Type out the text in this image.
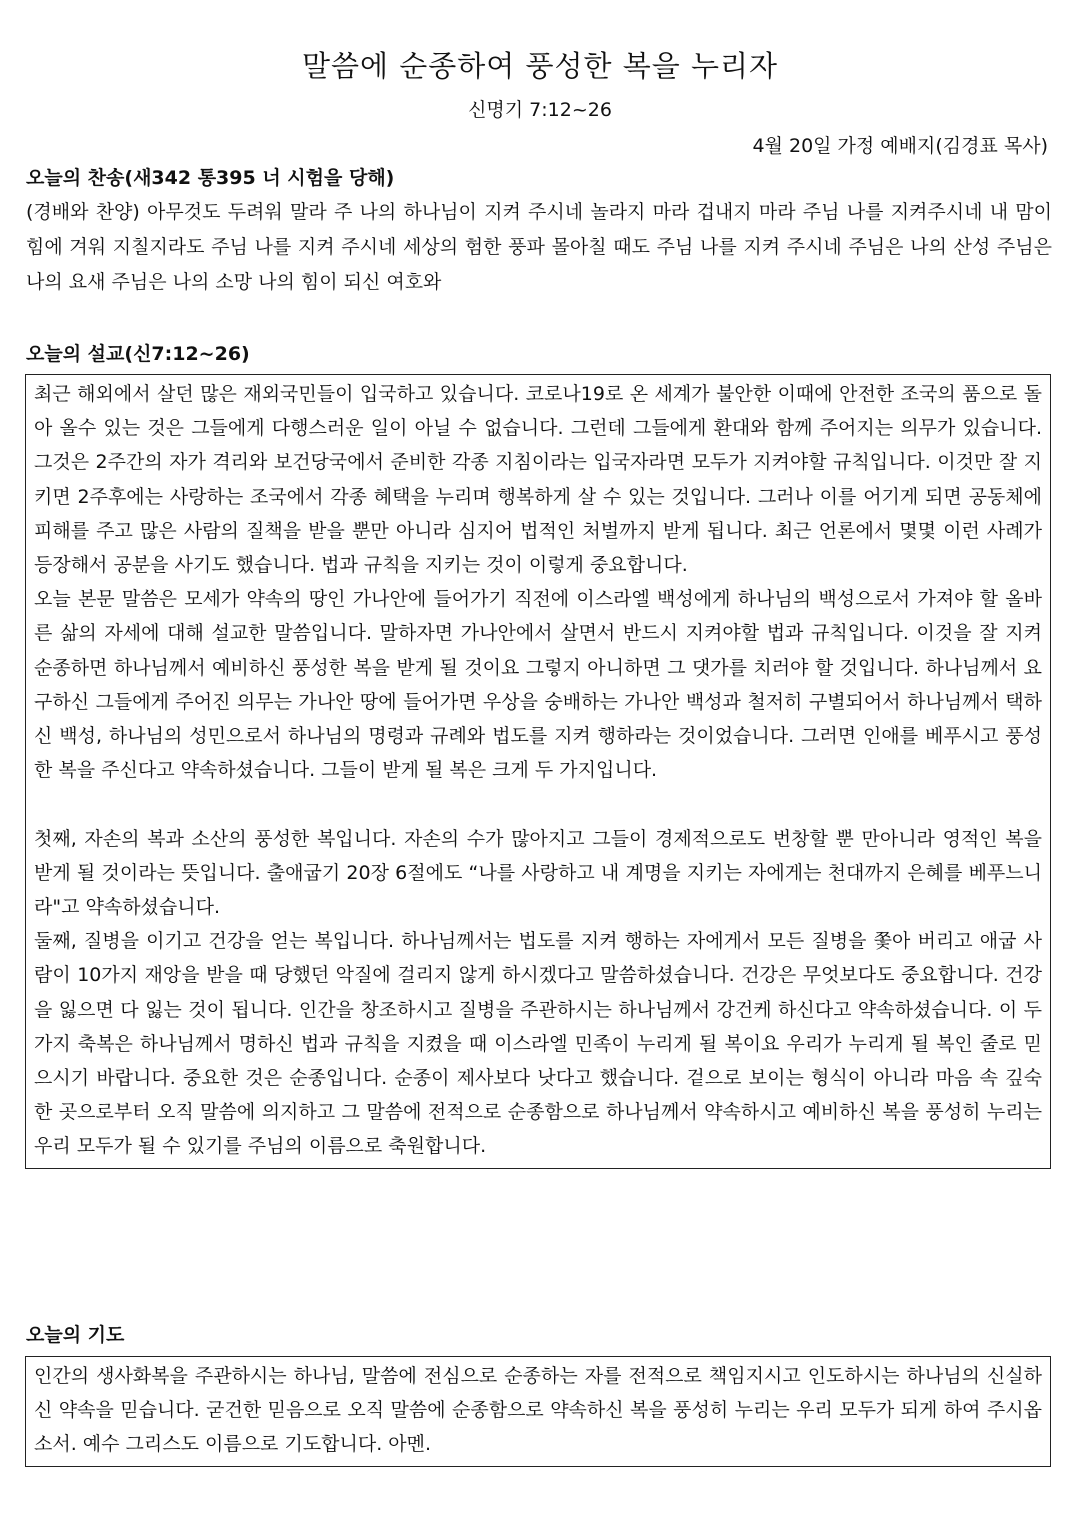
말씀에 순종하여 풍성한 복을 누리자
신명기 7:12~26
4월 20일 가정 예배지(김경표 목사)
오늘의 찬송(새342 통395 너 시험을 당해)

(경배와 찬양) 아무것도 두려워 말라 주 나의 하나님이 지켜 주시네 놀라지 마라 겁내지 마라 주님 나를 지켜주시네 내 맘이 힘에 겨워 지칠지라도 주님 나를 지켜 주시네 세상의 험한 풍파 몰아칠 때도 주님 나를 지켜 주시네 주님은 나의 산성 주님은 나의 요새 주님은 나의 소망 나의 힘이 되신 여호와

오늘의 설교(신7:12~26)

최근 해외에서 살던 많은 재외국민들이 입국하고 있습니다. 코로나19로 온 세계가 불안한 이때에 안전한 조국의 품으로 돌아 올수 있는 것은 그들에게 다행스러운 일이 아닐 수 없습니다. 그런데 그들에게 환대와 함께 주어지는 의무가 있습니다. 그것은 2주간의 자가 격리와 보건당국에서 준비한 각종 지침이라는 입국자라면 모두가 지켜야할 규칙입니다. 이것만 잘 지키면 2주후에는 사랑하는 조국에서 각종 혜택을 누리며 행복하게 살 수 있는 것입니다. 그러나 이를 어기게 되면 공동체에 피해를 주고 많은 사람의 질책을 받을 뿐만 아니라 심지어 법적인 처벌까지 받게 됩니다. 최근 언론에서 몇몇 이런 사례가 등장해서 공분을 사기도 했습니다. 법과 규칙을 지키는 것이 이렇게 중요합니다.

오늘 본문 말씀은 모세가 약속의 땅인 가나안에 들어가기 직전에 이스라엘 백성에게 하나님의 백성으로서 가져야 할 올바른 삶의 자세에 대해 설교한 말씀입니다. 말하자면 가나안에서 살면서 반드시 지켜야할 법과 규칙입니다. 이것을 잘 지켜 순종하면 하나님께서 예비하신 풍성한 복을 받게 될 것이요 그렇지 아니하면 그 댓가를 치러야 할 것입니다. 하나님께서 요구하신 그들에게 주어진 의무는 가나안 땅에 들어가면 우상을 숭배하는 가나안 백성과 철저히 구별되어서 하나님께서 택하신 백성, 하나님의 성민으로서 하나님의 명령과 규례와 법도를 지켜 행하라는 것이었습니다. 그러면 인애를 베푸시고 풍성한 복을 주신다고 약속하셨습니다. 그들이 받게 될 복은 크게 두 가지입니다.

첫째, 자손의 복과 소산의 풍성한 복입니다. 자손의 수가 많아지고 그들이 경제적으로도 번창할 뿐 만아니라 영적인 복을 받게 될 것이라는 뜻입니다. 출애굽기 20장 6절에도 “나를 사랑하고 내 계명을 지키는 자에게는 천대까지 은혜를 베푸느니라"고 약속하셨습니다.

둘째, 질병을 이기고 건강을 얻는 복입니다. 하나님께서는 법도를 지켜 행하는 자에게서 모든 질병을 쫓아 버리고 애굽 사람이 10가지 재앙을 받을 때 당했던 악질에 걸리지 않게 하시겠다고 말씀하셨습니다. 건강은 무엇보다도 중요합니다. 건강을 잃으면 다 잃는 것이 됩니다. 인간을 창조하시고 질병을 주관하시는 하나님께서 강건케 하신다고 약속하셨습니다. 이 두 가지 축복은 하나님께서 명하신 법과 규칙을 지켰을 때 이스라엘 민족이 누리게 될 복이요 우리가 누리게 될 복인 줄로 믿으시기 바랍니다. 중요한 것은 순종입니다. 순종이 제사보다 낫다고 했습니다. 겉으로 보이는 형식이 아니라 마음 속 깊숙한 곳으로부터 오직 말씀에 의지하고 그 말씀에 전적으로 순종함으로 하나님께서 약속하시고 예비하신 복을 풍성히 누리는 우리 모두가 될 수 있기를 주님의 이름으로 축원합니다.

오늘의 기도

인간의 생사화복을 주관하시는 하나님, 말씀에 전심으로 순종하는 자를 전적으로 책임지시고 인도하시는 하나님의 신실하신 약속을 믿습니다. 굳건한 믿음으로 오직 말씀에 순종함으로 약속하신 복을 풍성히 누리는 우리 모두가 되게 하여 주시옵소서. 예수 그리스도 이름으로 기도합니다. 아멘.
